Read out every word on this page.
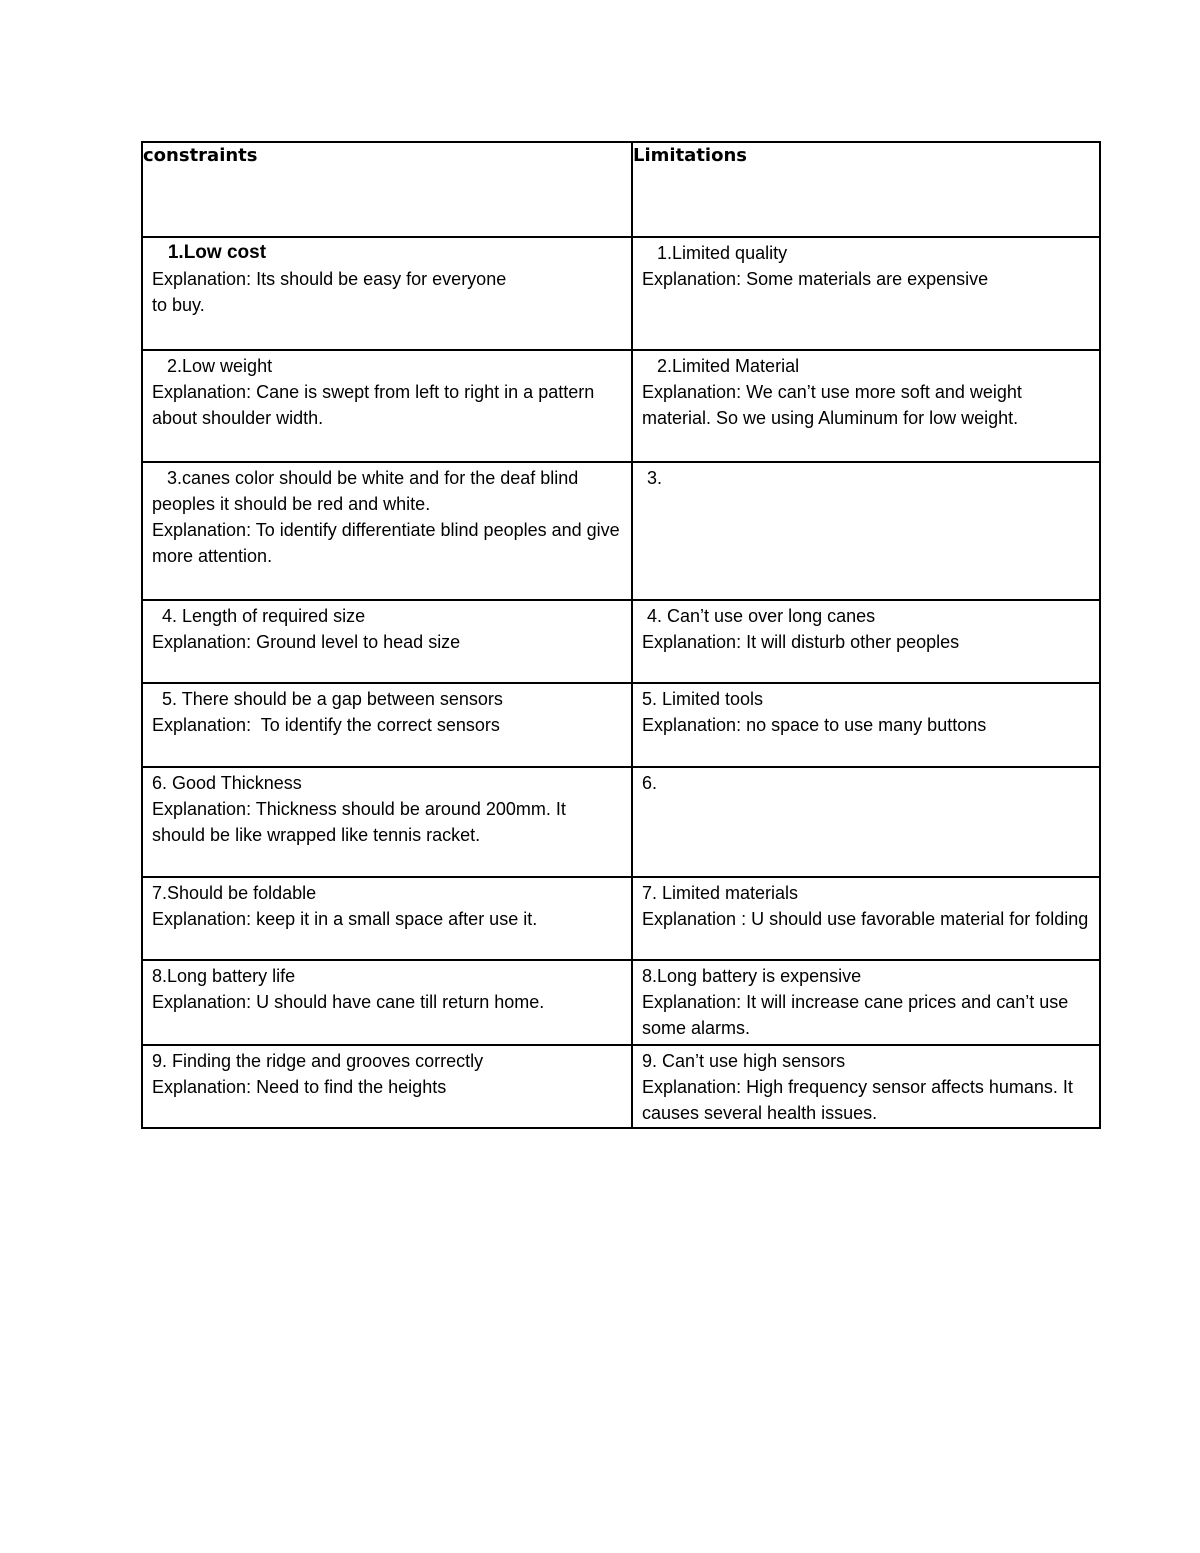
constraints	Limitations

1.Low cost
Explanation: Its should be easy for everyone
to buy.	1.Limited quality
Explanation: Some materials are expensive

2.Low weight
Explanation: Cane is swept from left to right in a pattern about shoulder width.	2.Limited Material
Explanation: We can’t use more soft and weight material. So we using Aluminum for low weight.

3.canes color should be white and for the deaf blind peoples it should be red and white.
Explanation: To identify differentiate blind peoples and give more attention.	3.

4. Length of required size
Explanation: Ground level to head size	4. Can’t use over long canes
Explanation: It will disturb other peoples

5. There should be a gap between sensors
Explanation:  To identify the correct sensors	5. Limited tools
Explanation: no space to use many buttons

6. Good Thickness
Explanation: Thickness should be around 200mm. It should be like wrapped like tennis racket.	6.

7.Should be foldable
Explanation: keep it in a small space after use it.	7. Limited materials
Explanation : U should use favorable material for folding

8.Long battery life
Explanation: U should have cane till return home.	8.Long battery is expensive
Explanation: It will increase cane prices and can’t use some alarms.

9. Finding the ridge and grooves correctly
Explanation: Need to find the heights	9. Can’t use high sensors
Explanation: High frequency sensor affects humans. It causes several health issues.
